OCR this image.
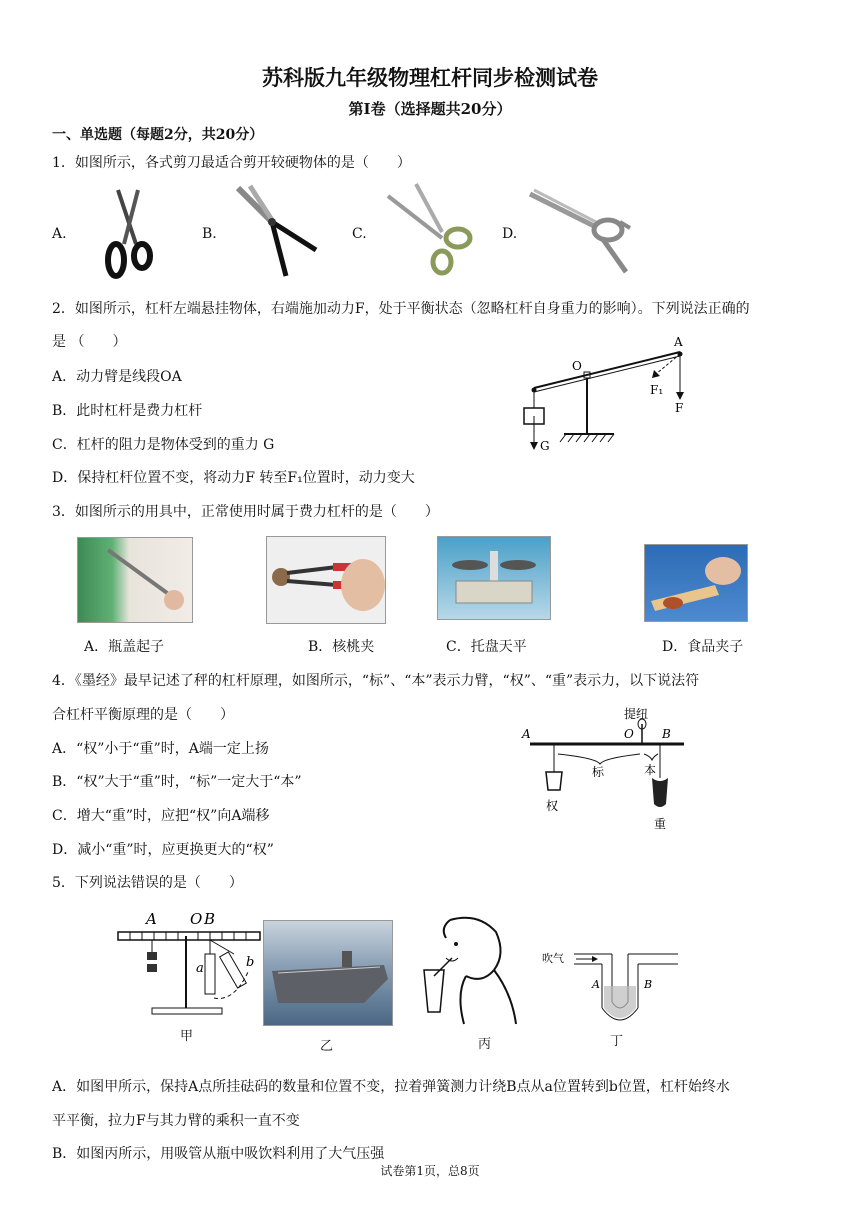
苏科版九年级物理杠杆同步检测试卷
第Ⅰ卷（选择题共20分）
一、单选题（每题2分，共20分）
1．如图所示，各式剪刀最适合剪开较硬物体的是（　　）
A.	B.	C.	D.
2．如图所示，杠杆左端悬挂物体，右端施加动力F，处于平衡状态（忽略杠杆自身重力的影响）。下列说法正确的
是 （　　）
A．动力臂是线段OA
B．此时杠杆是费力杠杆
C．杠杆的阻力是物体受到的重力 G
D．保持杠杆位置不变，将动力F 转至F₁位置时，动力变大
A
O
F₁
F
G
3．如图所示的用具中，正常使用时属于费力杠杆的是（　　）
A．瓶盖起子	B．核桃夹	C．托盘天平	D．食品夹子
4．《墨经》最早记述了秤的杠杆原理，如图所示，“标”、“本”表示力臂，“权”、“重”表示力，以下说法符
合杠杆平衡原理的是（　　）
A．“权”小于“重”时，A端一定上扬
B．“权”大于“重”时，“标”一定大于“本”
C．增大“重”时，应把“权”向A端移
D．减小“重”时，应更换更大的“权”
提纽
A	O B
标	本
权
重
5．下列说法错误的是（　　）
A O B
a	b	吹气
A	B
甲
乙	丙	丁
A．如图甲所示，保持A点所挂砝码的数量和位置不变，拉着弹簧测力计绕B点从a位置转到b位置，杠杆始终水
平平衡，拉力F与其力臂的乘积一直不变
B．如图丙所示，用吸管从瓶中吸饮料利用了大气压强
试卷第1页，总8页
